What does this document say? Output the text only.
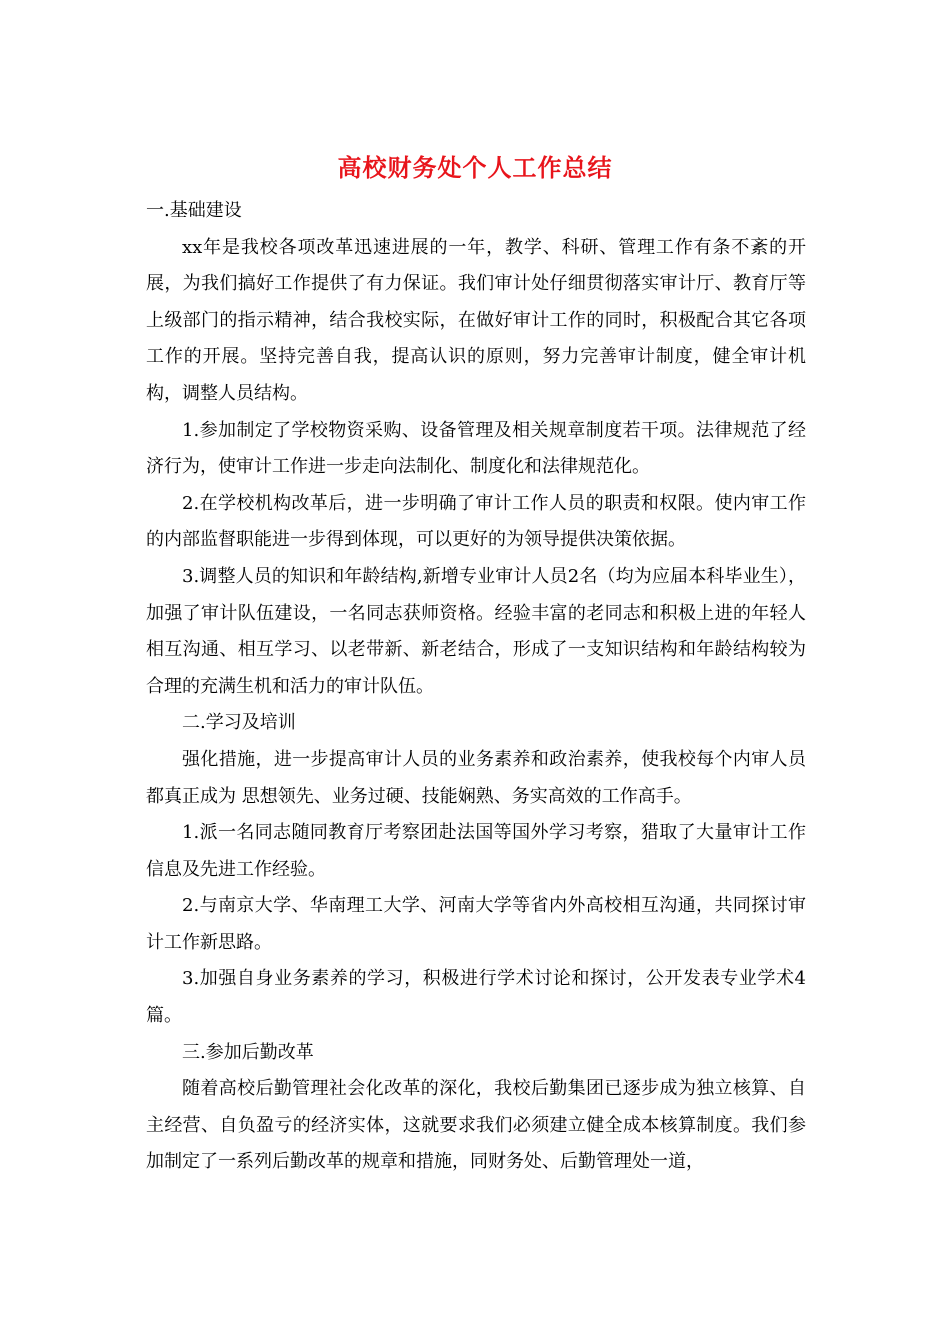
高校财务处个人工作总结

一.基础建设

xx年是我校各项改革迅速进展的一年，教学、科研、管理工作有条不紊的开展，为我们搞好工作提供了有力保证。我们审计处仔细贯彻落实审计厅、教育厅等上级部门的指示精神，结合我校实际，在做好审计工作的同时，积极配合其它各项工作的开展。坚持完善自我，提高认识的原则，努力完善审计制度，健全审计机构，调整人员结构。

1.参加制定了学校物资采购、设备管理及相关规章制度若干项。法律规范了经济行为，使审计工作进一步走向法制化、制度化和法律规范化。

2.在学校机构改革后，进一步明确了审计工作人员的职责和权限。使内审工作的内部监督职能进一步得到体现，可以更好的为领导提供决策依据。

3.调整人员的知识和年龄结构,新增专业审计人员2名（均为应届本科毕业生），加强了审计队伍建设，一名同志获师资格。经验丰富的老同志和积极上进的年轻人相互沟通、相互学习、以老带新、新老结合，形成了一支知识结构和年龄结构较为合理的充满生机和活力的审计队伍。

二.学习及培训

强化措施，进一步提高审计人员的业务素养和政治素养，使我校每个内审人员都真正成为 思想领先、业务过硬、技能娴熟、务实高效的工作高手。

1.派一名同志随同教育厅考察团赴法国等国外学习考察，猎取了大量审计工作信息及先进工作经验。

2.与南京大学、华南理工大学、河南大学等省内外高校相互沟通，共同探讨审计工作新思路。

3.加强自身业务素养的学习，积极进行学术讨论和探讨，公开发表专业学术4篇。

三.参加后勤改革

随着高校后勤管理社会化改革的深化，我校后勤集团已逐步成为独立核算、自主经营、自负盈亏的经济实体，这就要求我们必须建立健全成本核算制度。我们参加制定了一系列后勤改革的规章和措施，同财务处、后勤管理处一道，
